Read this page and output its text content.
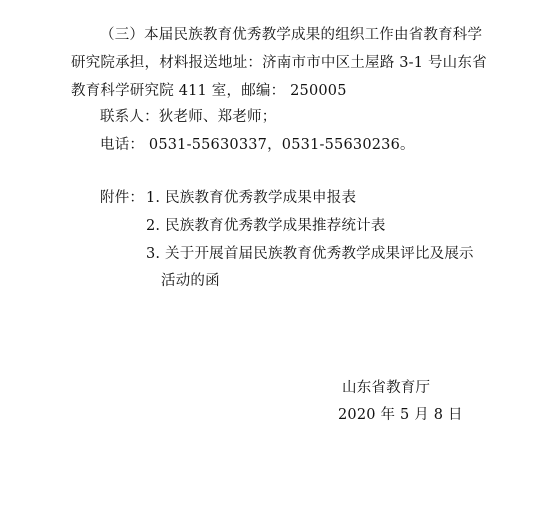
（三）本届民族教育优秀教学成果的组织工作由省教育科学
研究院承担，材料报送地址：济南市市中区土屋路 3-1 号山东省
教育科学研究院 411 室，邮编： 250005
联系人：狄老师、郑老师；
电话： 0531-55630337，0531-55630236。
附件： 1. 民族教育优秀教学成果申报表
2. 民族教育优秀教学成果推荐统计表
3. 关于开展首届民族教育优秀教学成果评比及展示
活动的函
山东省教育厅
2020 年 5 月 8 日
